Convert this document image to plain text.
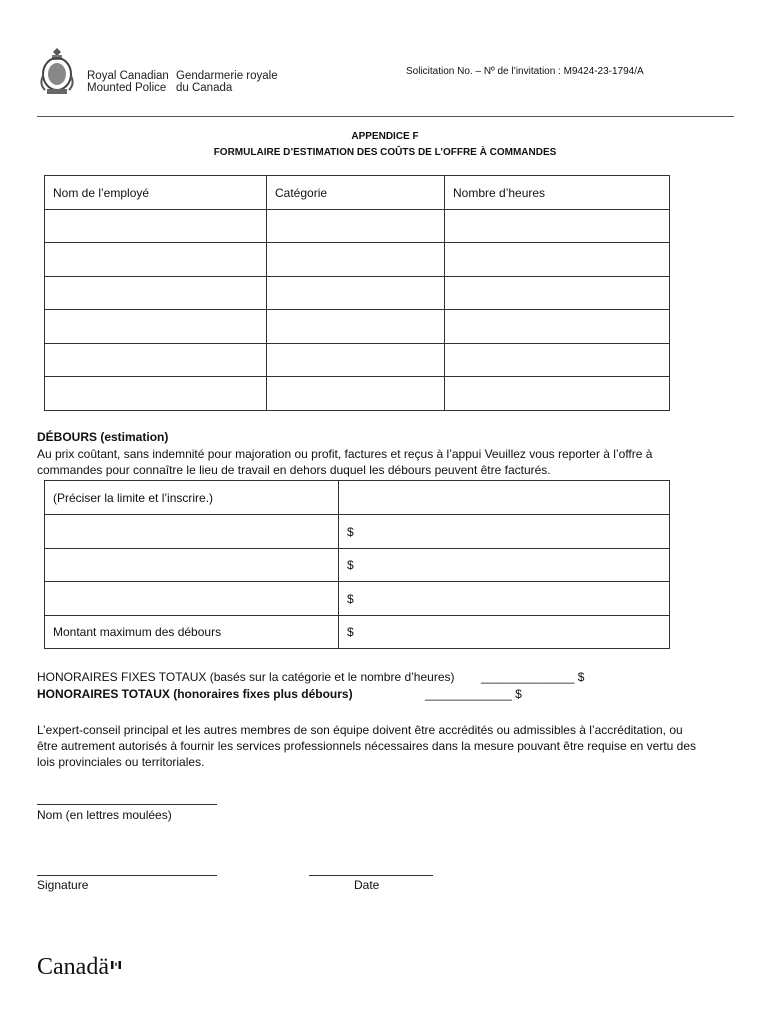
Royal Canadian
Mounted Police
Gendarmerie royale
du Canada
Solicitation No. – Nº de l’invitation : M9424-23-1794/A
APPENDICE F
FORMULAIRE D’ESTIMATION DES COÛTS DE L’OFFRE À COMMANDES
Nom de l’employé	Catégorie	Nombre d’heures

DÉBOURS (estimation)
Au prix coûtant, sans indemnité pour majoration ou profit, factures et reçus à l’appui Veuillez vous reporter à l’offre à
commandes pour connaître le lieu de travail en dehors duquel les débours peuvent être facturés.
(Préciser la limite et l’inscrire.)	
	$
	$
	$
Montant maximum des débours	$
HONORAIRES FIXES TOTAUX (basés sur la catégorie et le nombre d’heures) ______________ $
HONORAIRES TOTAUX (honoraires fixes plus débours)	_____________ $
L’expert-conseil principal et les autres membres de son équipe doivent être accrédités ou admissibles à l’accréditation, ou
être autrement autorisés à fournir les services professionnels nécessaires dans la mesure pouvant être requise en vertu des
lois provinciales ou territoriales.
Nom (en lettres moulées)
Signature	Date
Canadä
